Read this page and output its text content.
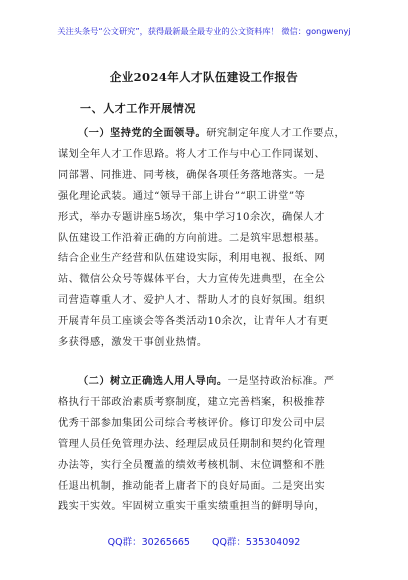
关注头条号“公文研究”，获得最新最全最专业的公文资料库！ 微信：gongwenyj
企业2024年人才队伍建设工作报告
一、人才工作开展情况
（一）坚持党的全面领导。研究制定年度人才工作要点，
谋划全年人才工作思路。将人才工作与中心工作同谋划、
同部署、同推进、同考核，确保各项任务落地落实。一是
强化理论武装。通过“领导干部上讲台”“职工讲堂”等
形式，举办专题讲座5场次，集中学习10余次，确保人才
队伍建设工作沿着正确的方向前进。二是筑牢思想根基。
结合企业生产经营和队伍建设实际，利用电视、报纸、网
站、微信公众号等媒体平台，大力宣传先进典型，在全公
司营造尊重人才、爱护人才、帮助人才的良好氛围。组织
开展青年员工座谈会等各类活动10余次，让青年人才有更
多获得感，激发干事创业热情。
（二）树立正确选人用人导向。一是坚持政治标准。严
格执行干部政治素质考察制度，建立完善档案，积极推荐
优秀干部参加集团公司综合考核评价。修订印发公司中层
管理人员任免管理办法、经理层成员任期制和契约化管理
办法等，实行全员覆盖的绩效考核机制、末位调整和不胜
任退出机制，推动能者上庸者下的良好局面。二是突出实
践实干实效。牢固树立重实干重实绩重担当的鲜明导向，
QQ群：30265665 QQ群：535304092
